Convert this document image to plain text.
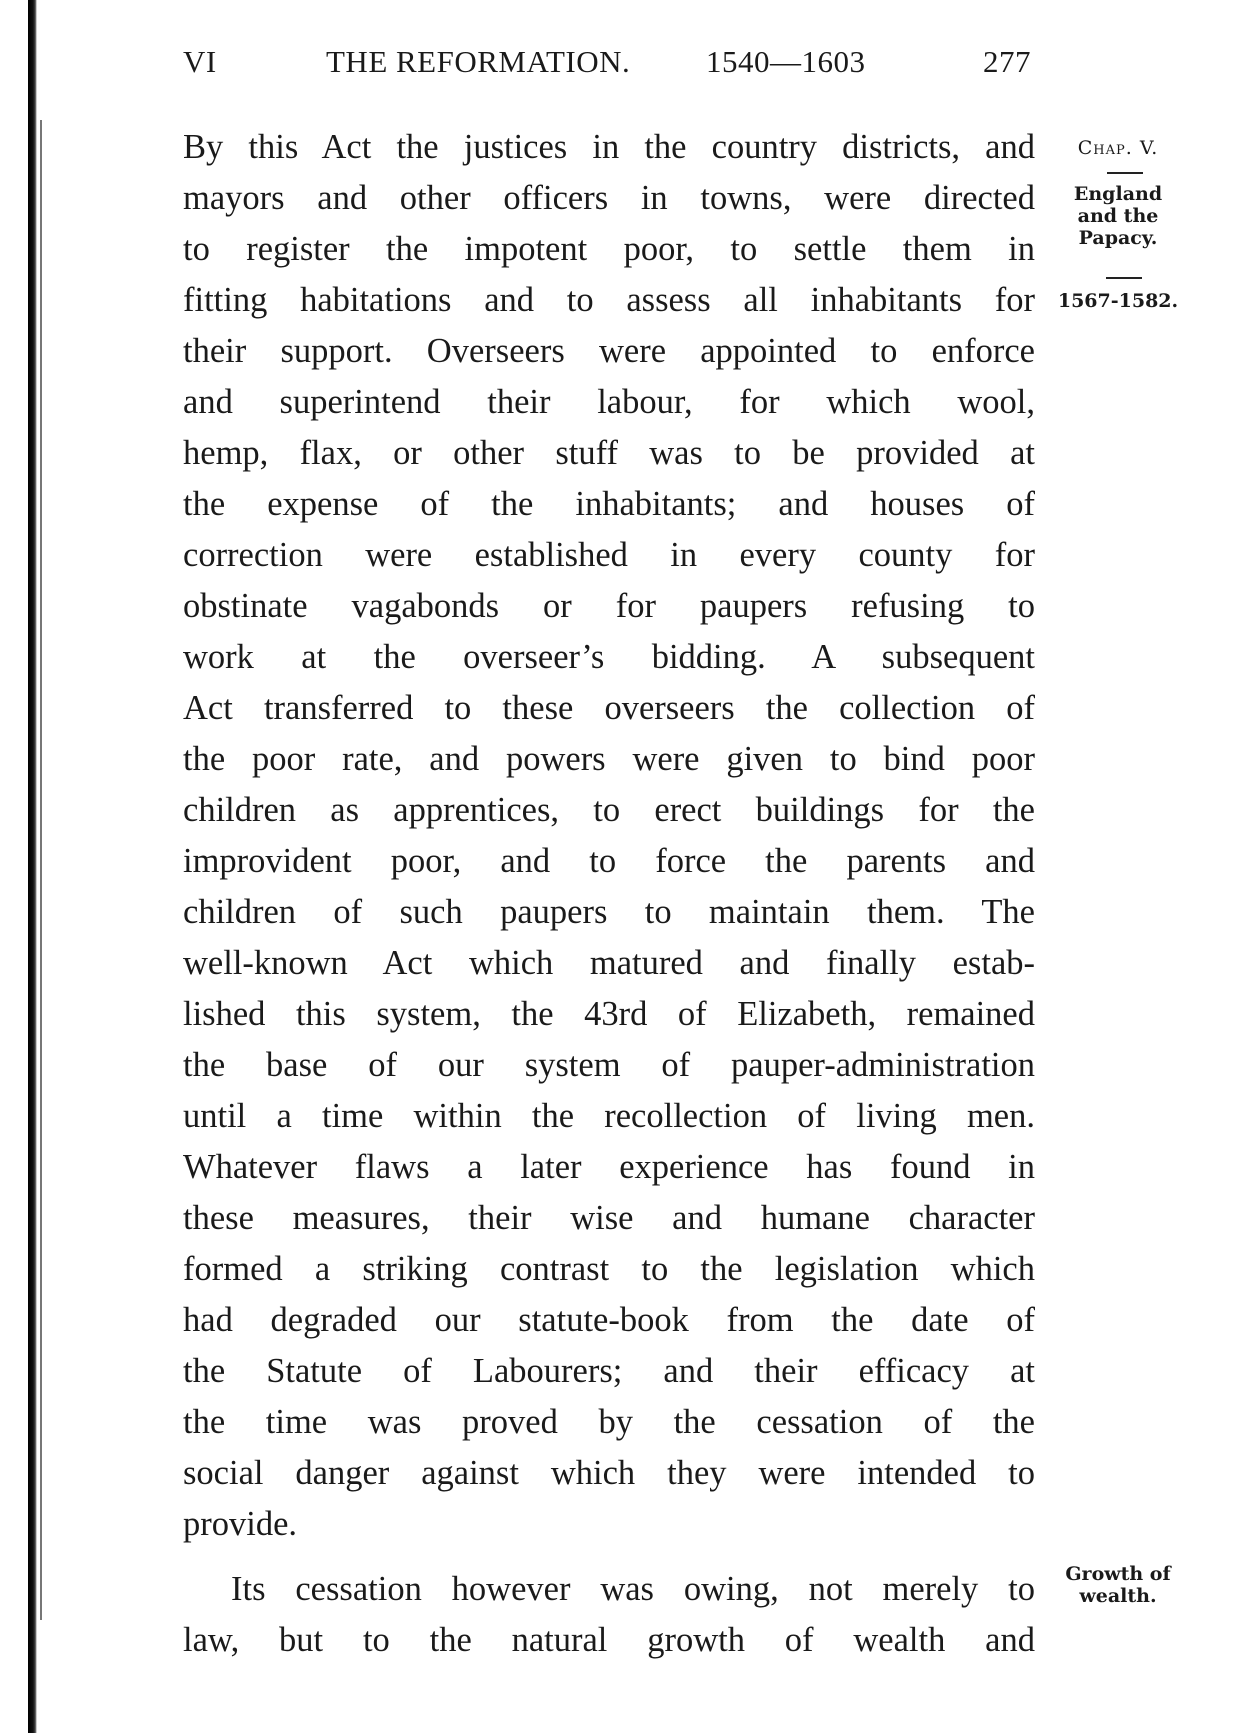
VI	THE REFORMATION. 1540—1603	277
By this Act the justices in the country districts, and
mayors and other officers in towns, were directed
to register the impotent poor, to settle them in
fitting habitations and to assess all inhabitants for
their support. Overseers were appointed to enforce
and superintend their labour, for which wool,
hemp, flax, or other stuff was to be provided at
the expense of the inhabitants; and houses of
correction were established in every county for
obstinate vagabonds or for paupers refusing to
work at the overseer’s bidding. A subsequent
Act transferred to these overseers the collection of
the poor rate, and powers were given to bind poor
children as apprentices, to erect buildings for the
improvident poor, and to force the parents and
children of such paupers to maintain them. The
well-known Act which matured and finally estab-
lished this system, the 43rd of Elizabeth, remained
the base of our system of pauper-administration
until a time within the recollection of living men.
Whatever flaws a later experience has found in
these measures, their wise and humane character
formed a striking contrast to the legislation which
had degraded our statute-book from the date of
the Statute of Labourers; and their efficacy at
the time was proved by the cessation of the
social danger against which they were intended to
provide.
Its cessation however was owing, not merely to
law, but to the natural growth of wealth and
Chap. V.
England
and the
Papacy.
1567-1582.
Growth of
wealth.
